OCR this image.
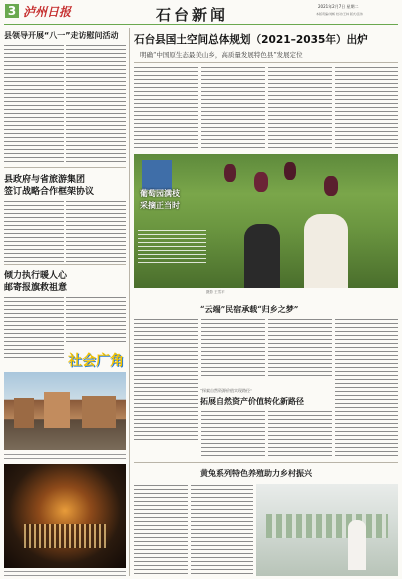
3 泸州日报	石台新闻	2021年2月7日 星期二
本版责编/刘畅 校对/王林 版式/张伟
县领导开展“八一”走访慰问活动
县政府与省旅游集团
签订战略合作框架协议
倾力执行暖人心
邮寄报旗救祖意
社会广角
石台县国土空间总体规划（2021–2035年）出炉
明确“中国原生态最美山乡，高质量发展特色县”发展定位
葡萄园满枝
采摘正当时
摄影 王雪平
“云端”民宿承载“归乡之梦”
“探索自然资源价值实现路径”
拓展自然资产价值转化新路径
黄兔系列特色养殖助力乡村振兴
